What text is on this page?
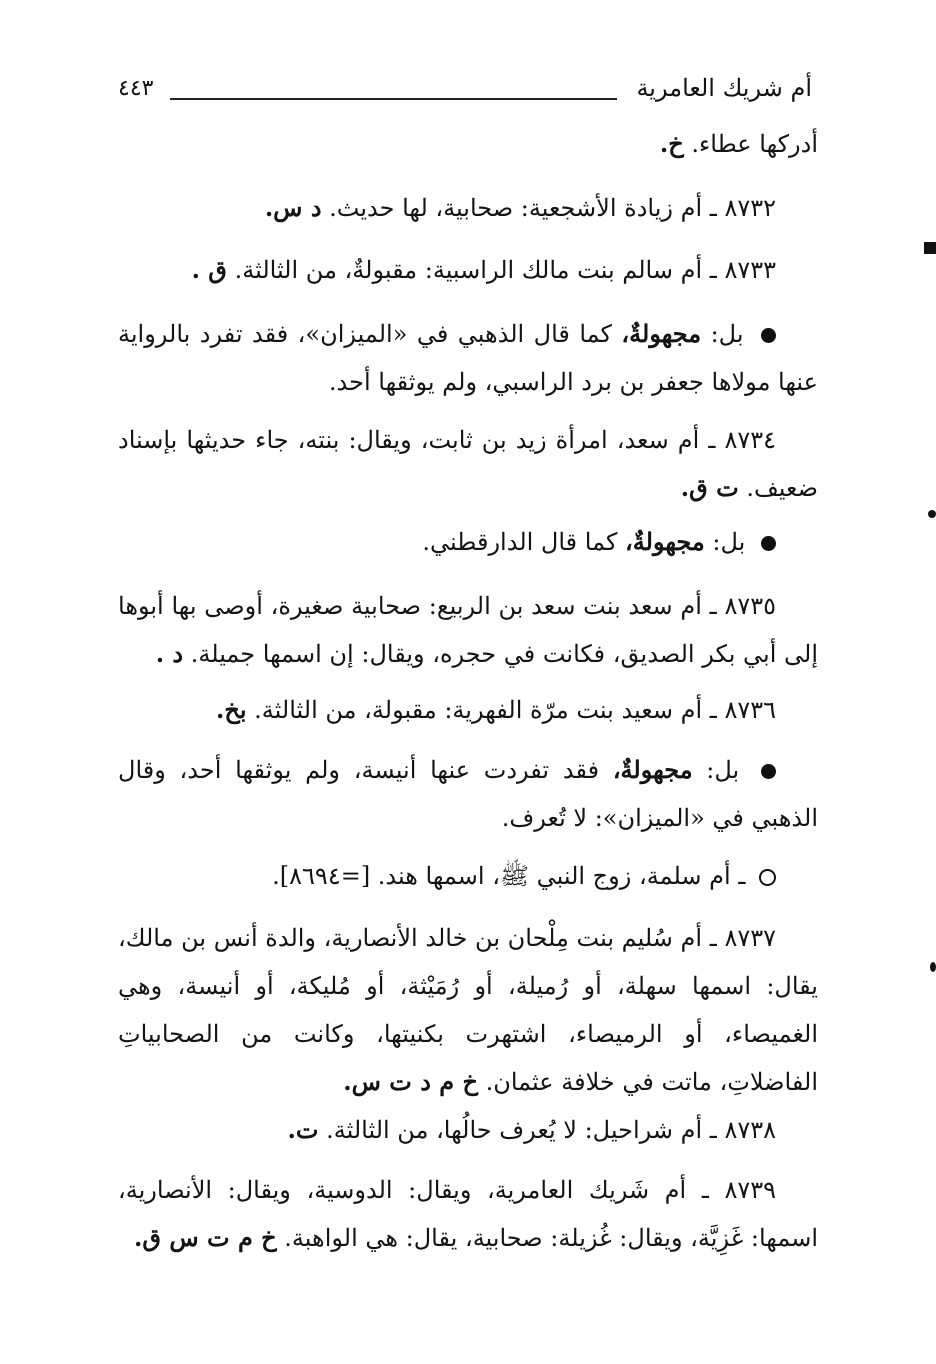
أم شريك العامرية
٤٤٣
أدركها عطاء. خ.
٨٧٣٢ ـ أم زيادة الأشجعية: صحابية، لها حديث. د س.
٨٧٣٣ ـ أم سالم بنت مالك الراسبية: مقبولةٌ، من الثالثة. ق .
بل: مجهولةٌ، كما قال الذهبي في «الميزان»، فقد تفرد بالرواية عنها مولاها جعفر بن برد الراسبي، ولم يوثقها أحد.
٨٧٣٤ ـ أم سعد، امرأة زيد بن ثابت، ويقال: بنته، جاء حديثها بإسناد ضعيف. ت ق.
بل: مجهولةٌ، كما قال الدارقطني.
٨٧٣٥ ـ أم سعد بنت سعد بن الربيع: صحابية صغيرة، أوصى بها أبوها إلى أبي بكر الصديق، فكانت في حجره، ويقال: إن اسمها جميلة. د .
٨٧٣٦ ـ أم سعيد بنت مرّة الفهرية: مقبولة، من الثالثة. بخ.
بل: مجهولةٌ، فقد تفردت عنها أنيسة، ولم يوثقها أحد، وقال الذهبي في «الميزان»: لا تُعرف.
ـ أم سلمة، زوج النبي ﷺ، اسمها هند. [=٨٦٩٤].
٨٧٣٧ ـ أم سُليم بنت مِلْحان بن خالد الأنصارية، والدة أنس بن مالك، يقال: اسمها سهلة، أو رُميلة، أو رُمَيْثة، أو مُليكة، أو أنيسة، وهي الغميصاء، أو الرميصاء، اشتهرت بكنيتها، وكانت من الصحابياتِ الفاضلاتِ، ماتت في خلافة عثمان. خ م د ت س.
٨٧٣٨ ـ أم شراحيل: لا يُعرف حالُها، من الثالثة. ت.
٨٧٣٩ ـ أم شَريك العامرية، ويقال: الدوسية، ويقال: الأنصارية، اسمها: غَزِيَّة، ويقال: غُزيلة: صحابية، يقال: هي الواهبة. خ م ت س ق.
